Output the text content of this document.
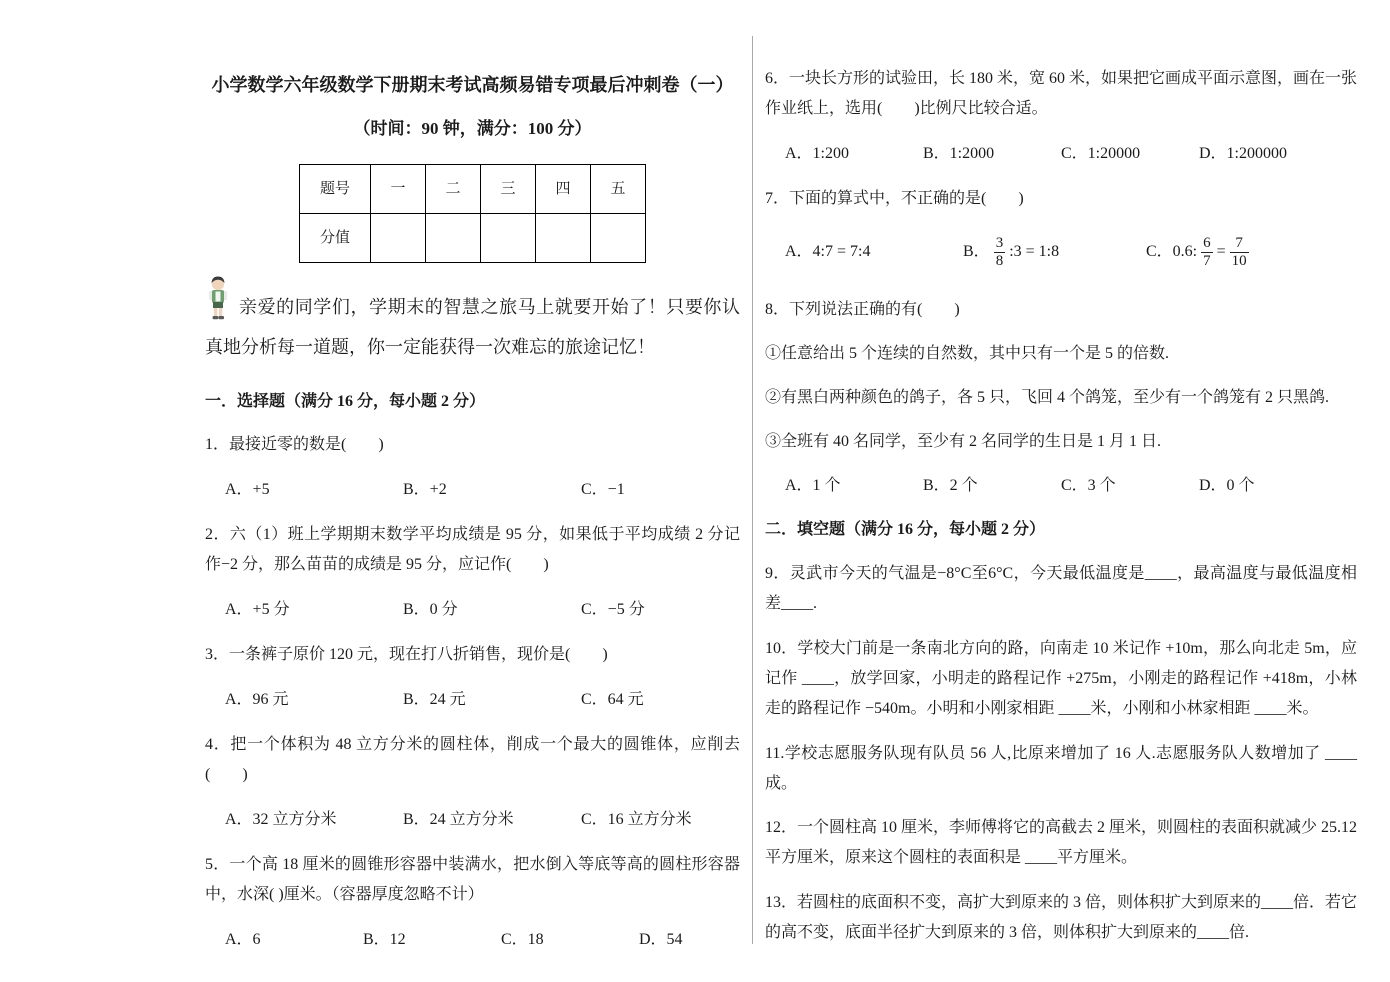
小学数学六年级数学下册期末考试高频易错专项最后冲刺卷（一）
（时间：90 钟，满分：100 分）
题号	一	二	三	四	五
分值					
亲爱的同学们，学期末的智慧之旅马上就要开始了！只要你认真地分析每一道题，你一定能获得一次难忘的旅途记忆！
一．选择题（满分 16 分，每小题 2 分）
1．最接近零的数是(　　)
A．+5	B．+2	C．−1
2．六（1）班上学期期末数学平均成绩是 95 分，如果低于平均成绩 2 分记作−2 分，那么苗苗的成绩是 95 分，应记作(　　)
A．+5 分	B．0 分	C．−5 分
3．一条裤子原价 120 元，现在打八折销售，现价是(　　)
A．96 元	B．24 元	C．64 元
4．把一个体积为 48 立方分米的圆柱体，削成一个最大的圆锥体，应削去(　　)
A．32 立方分米	B．24 立方分米	C．16 立方分米
5．一个高 18 厘米的圆锥形容器中装满水，把水倒入等底等高的圆柱形容器中，水深( )厘米。（容器厚度忽略不计）
A．6	B．12	C．18	D．54
6．一块长方形的试验田，长 180 米，宽 60 米，如果把它画成平面示意图，画在一张作业纸上，选用(　　)比例尺比较合适。
A．1:200	B．1:2000	C．1:20000	D．1:200000
7．下面的算式中，不正确的是(　　)
A．4:7 = 7:4	B． $\frac{3}{8}$ :3 = 1:8	C．0.6: $\frac{6}{7} = \frac{7}{10}$
8．下列说法正确的有(　　)
①任意给出 5 个连续的自然数，其中只有一个是 5 的倍数.
②有黑白两种颜色的鸽子，各 5 只，飞回 4 个鸽笼，至少有一个鸽笼有 2 只黑鸽.
③全班有 40 名同学，至少有 2 名同学的生日是 1 月 1 日.
A．1 个	B．2 个	C．3 个	D．0 个
二．填空题（满分 16 分，每小题 2 分）
9．灵武市今天的气温是−8°C至6°C，今天最低温度是____，最高温度与最低温度相差____.
10．学校大门前是一条南北方向的路，向南走 10 米记作 +10m，那么向北走 5m，应记作 ____，放学回家，小明走的路程记作 +275m，小刚走的路程记作 +418m，小林走的路程记作 −540m。小明和小刚家相距 ____米，小刚和小林家相距 ____米。
11.学校志愿服务队现有队员 56 人,比原来增加了 16 人.志愿服务队人数增加了 ____成。
12．一个圆柱高 10 厘米，李师傅将它的高截去 2 厘米，则圆柱的表面积就减少 25.12 平方厘米，原来这个圆柱的表面积是 ____平方厘米。
13．若圆柱的底面积不变，高扩大到原来的 3 倍，则体积扩大到原来的____倍．若它的高不变，底面半径扩大到原来的 3 倍，则体积扩大到原来的____倍.
